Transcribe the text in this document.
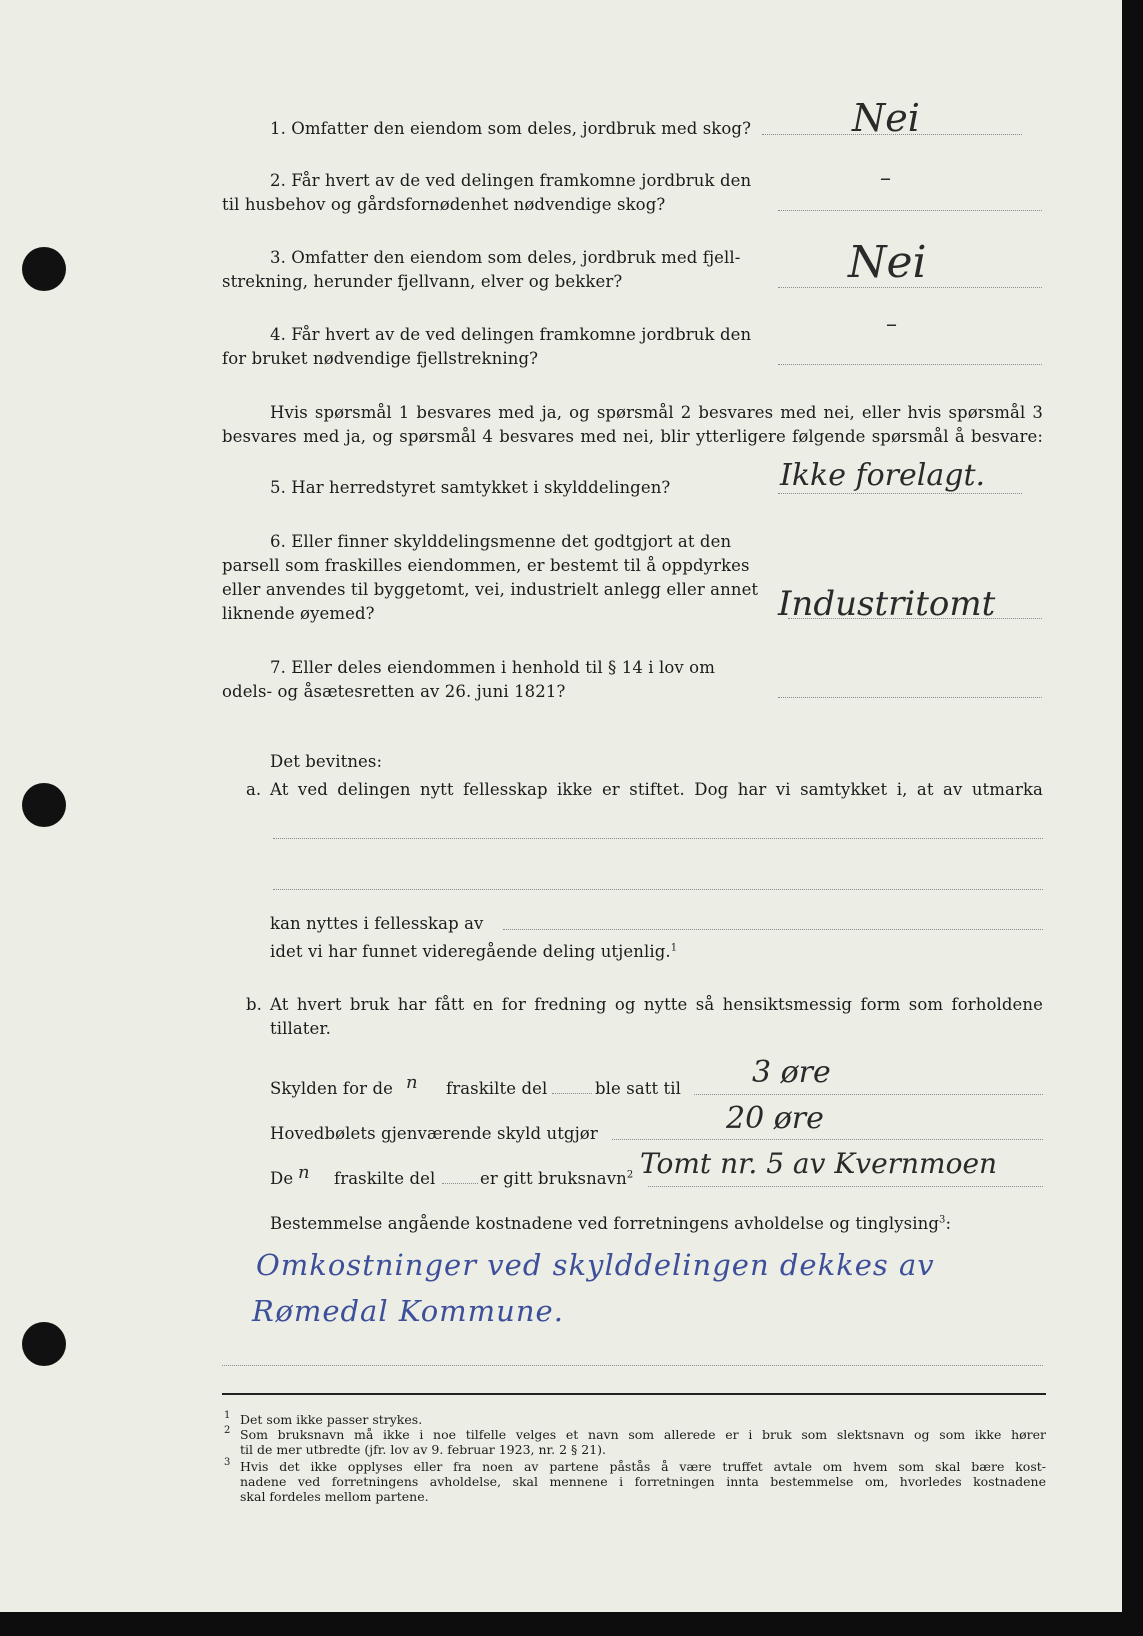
1. Omfatter den eiendom som deles, jordbruk med skog?	Nei
2. Får hvert av de ved delingen framkomne jordbruk den
til husbehov og gårdsfornødenhet nødvendige skog?
–
3. Omfatter den eiendom som deles, jordbruk med fjell-
strekning, herunder fjellvann, elver og bekker?	Nei
4. Får hvert av de ved delingen framkomne jordbruk den
for bruket nødvendige fjellstrekning?
–
Hvis spørsmål 1 besvares med ja, og spørsmål 2 besvares med nei, eller hvis spørsmål 3
besvares med ja, og spørsmål 4 besvares med nei, blir ytterligere følgende spørsmål å besvare:
5. Har herredstyret samtykket i skylddelingen?	Ikke forelagt.
6. Eller finner skylddelingsmenne det godtgjort at den
parsell som fraskilles eiendommen, er bestemt til å oppdyrkes
eller anvendes til byggetomt, vei, industrielt anlegg eller annet
liknende øyemed?	Industritomt
7. Eller deles eiendommen i henhold til § 14 i lov om
odels- og åsætesretten av 26. juni 1821?
Det bevitnes:
a. At ved delingen nytt fellesskap ikke er stiftet. Dog har vi samtykket i, at av utmarka
kan nyttes i fellesskap av
idet vi har funnet videregående deling utjenlig.$^1$
b. At hvert bruk har fått en for fredning og nytte så hensiktsmessig form som forholdene
tillater.
Skylden for de n fraskilte del	ble satt til 3 øre
Hovedbølets gjenværende skyld utgjør	20 øre
De n fraskilte del	er gitt bruksnavn$^2$ Tomt nr. 5 av Kvernmoen
Bestemmelse angående kostnadene ved forretningens avholdelse og tinglysing$^3$:
Omkostninger ved skylddelingen dekkes av
Rømedal Kommune.
1 Det som ikke passer strykes.
2 Som bruksnavn må ikke i noe tilfelle velges et navn som allerede er i bruk som slektsnavn og som ikke hører
til de mer utbredte (jfr. lov av 9. februar 1923, nr. 2 § 21).
3 Hvis det ikke opplyses eller fra noen av partene påstås å være truffet avtale om hvem som skal bære kost-
nadene ved forretningens avholdelse, skal mennene i forretningen innta bestemmelse om, hvorledes kostnadene
skal fordeles mellom partene.
